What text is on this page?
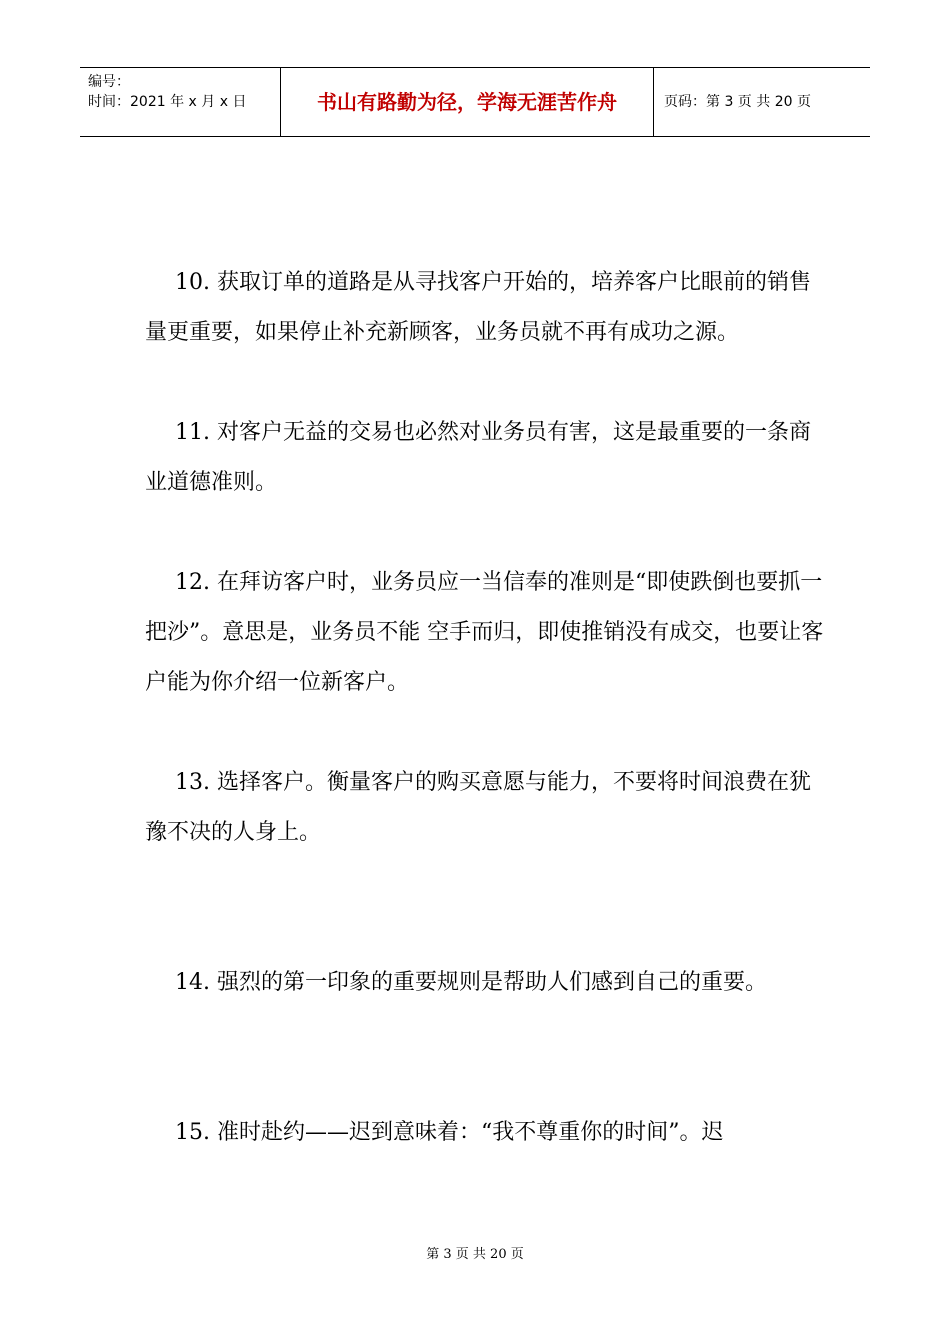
编号：
时间：2021 年 x 月 x 日	书山有路勤为径，学海无涯苦作舟	页码：第 3 页 共 20 页

10. 获取订单的道路是从寻找客户开始的，培养客户比眼前的销售量更重要，如果停止补充新顾客，业务员就不再有成功之源。

11. 对客户无益的交易也必然对业务员有害，这是最重要的一条商业道德准则。

12. 在拜访客户时，业务员应一当信奉的准则是“即使跌倒也要抓一把沙”。意思是，业务员不能 空手而归，即使推销没有成交，也要让客户能为你介绍一位新客户。

13. 选择客户。衡量客户的购买意愿与能力，不要将时间浪费在犹豫不决的人身上。

14. 强烈的第一印象的重要规则是帮助人们感到自己的重要。

15. 准时赴约——迟到意味着：“我不尊重你的时间”。迟

第 3 页 共 20 页
